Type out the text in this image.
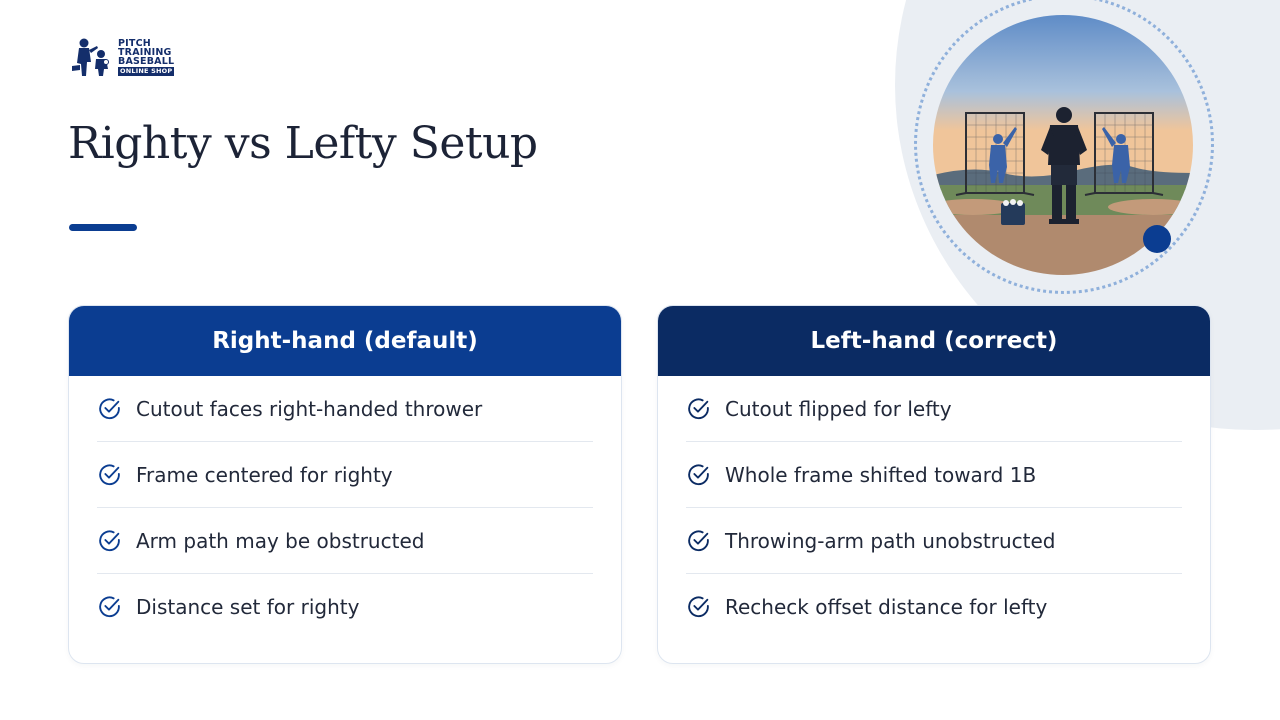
PITCH
TRAINING
BASEBALL
ONLINE SHOP
Righty vs Lefty Setup
Right-hand (default)
Cutout faces right-handed thrower
Frame centered for righty
Arm path may be obstructed
Distance set for righty
Left-hand (correct)
Cutout flipped for lefty
Whole frame shifted toward 1B
Throwing-arm path unobstructed
Recheck offset distance for lefty
